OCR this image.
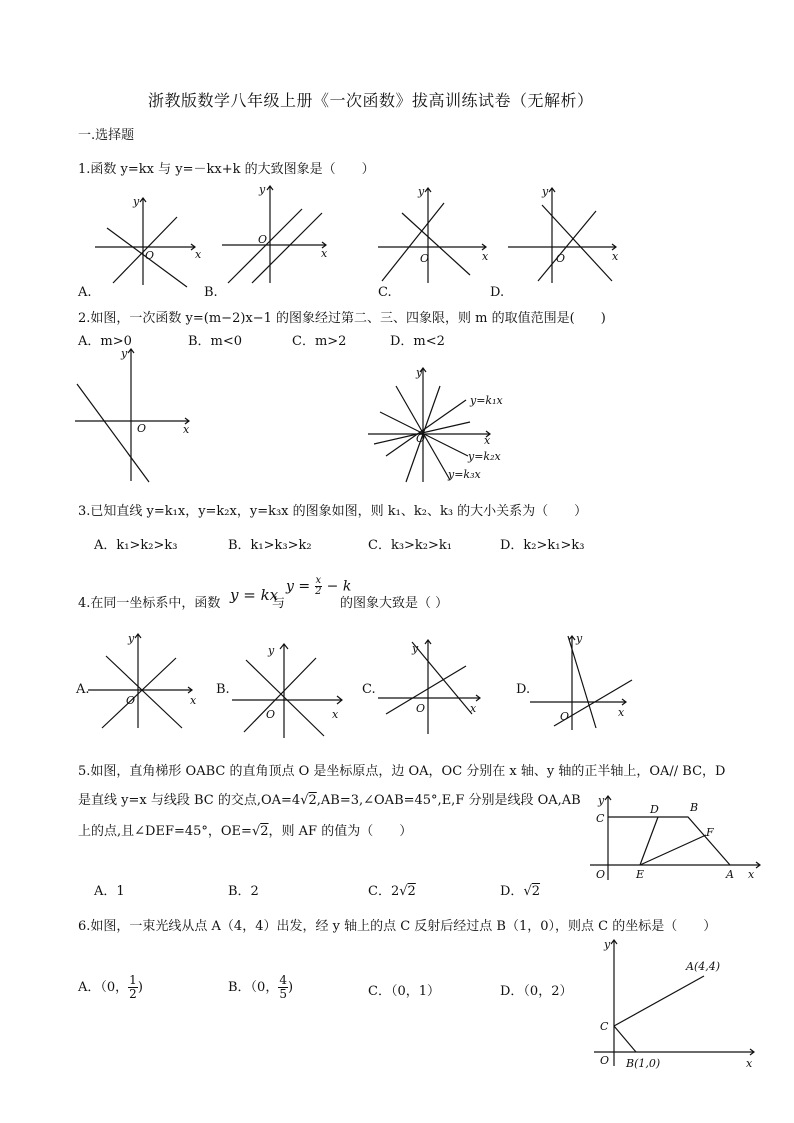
浙教版数学八年级上册《一次函数》拔高训练试卷（无解析）
一.选择题
1.函数 y=kx 与 y=－kx+k 的大致图象是（　　）
O	x
y
A.
O
x
y
B.
O	x
y
C.
O	x
y
D.
2.如图，一次函数 y=(m−2)x−1 的图象经过第二、三、四象限，则 m 的取值范围是(　　)
A．m>0	B．m<0	C．m>2	D．m<2
O	x
y
O	x
y
y=k₁x
y=k₂x
y=k₃x
3.已知直线 y=k₁x，y=k₂x，y=k₃x 的图象如图，则 k₁、k₂、k₃ 的大小关系为（　　）
A．k₁>k₂>k₃	B．k₁>k₃>k₂	C．k₃>k₂>k₁	D．k₂>k₁>k₃
4.在同一坐标系中，函数 y = kx
与
$y = \frac{x}{2} - k$
的图象大致是（ ）
O	x
y
A.
O	x
y
B.
O	x
y
C.
O	x
y
D.
5.如图，直角梯形 OABC 的直角顶点 O 是坐标原点，边 OA，OC 分别在 x 轴、y 轴的正半轴上，OA// BC，D
是直线 y=x 与线段 BC 的交点,OA=4√2,AB=3,∠OAB=45°,E,F 分别是线段 OA,AB
上的点,且∠DEF=45°，OE=√2，则 AF 的值为（　　）
y
C
D	B
F
O	E	A x
A．1	B．2	C．2√2	D．√2
6.如图，一束光线从点 A（4，4）出发，经 y 轴上的点 C 反射后经过点 B（1，0），则点 C 的坐标是（　　）
A．（0， $\frac{1}{2}$ )	B．（0， $\frac{4}{5}$ )	C．（0，1）	D．（0，2）
y
A(4,4)
C
O B(1,0)	x
